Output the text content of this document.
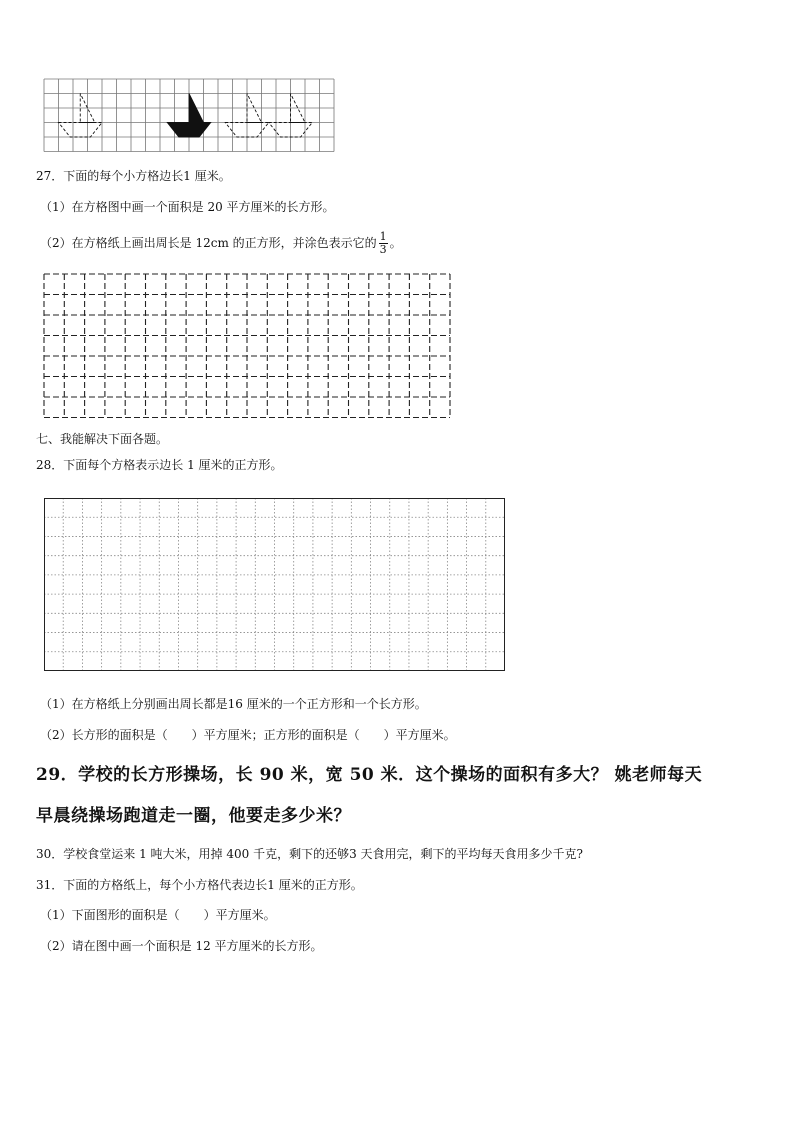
27．下面的每个小方格边长1 厘米。
（1）在方格图中画一个面积是 20 平方厘米的长方形。
（2）在方格纸上画出周长是 12cm 的正方形，并涂色表示它的 $\frac{1}{3}$ 。
七、我能解决下面各题。
28．下面每个方格表示边长 1 厘米的正方形。
（1）在方格纸上分别画出周长都是16 厘米的一个正方形和一个长方形。
（2）长方形的面积是（　　）平方厘米；正方形的面积是（　　）平方厘米。
29．学校的长方形操场，长 90 米，宽 50 米．这个操场的面积有多大？ 姚老师每天
早晨绕操场跑道走一圈，他要走多少米？
30．学校食堂运来 1 吨大米，用掉 400 千克，剩下的还够3 天食用完，剩下的平均每天食用多少千克?
31．下面的方格纸上，每个小方格代表边长1 厘米的正方形。
（1）下面图形的面积是（　　）平方厘米。
（2）请在图中画一个面积是 12 平方厘米的长方形。
